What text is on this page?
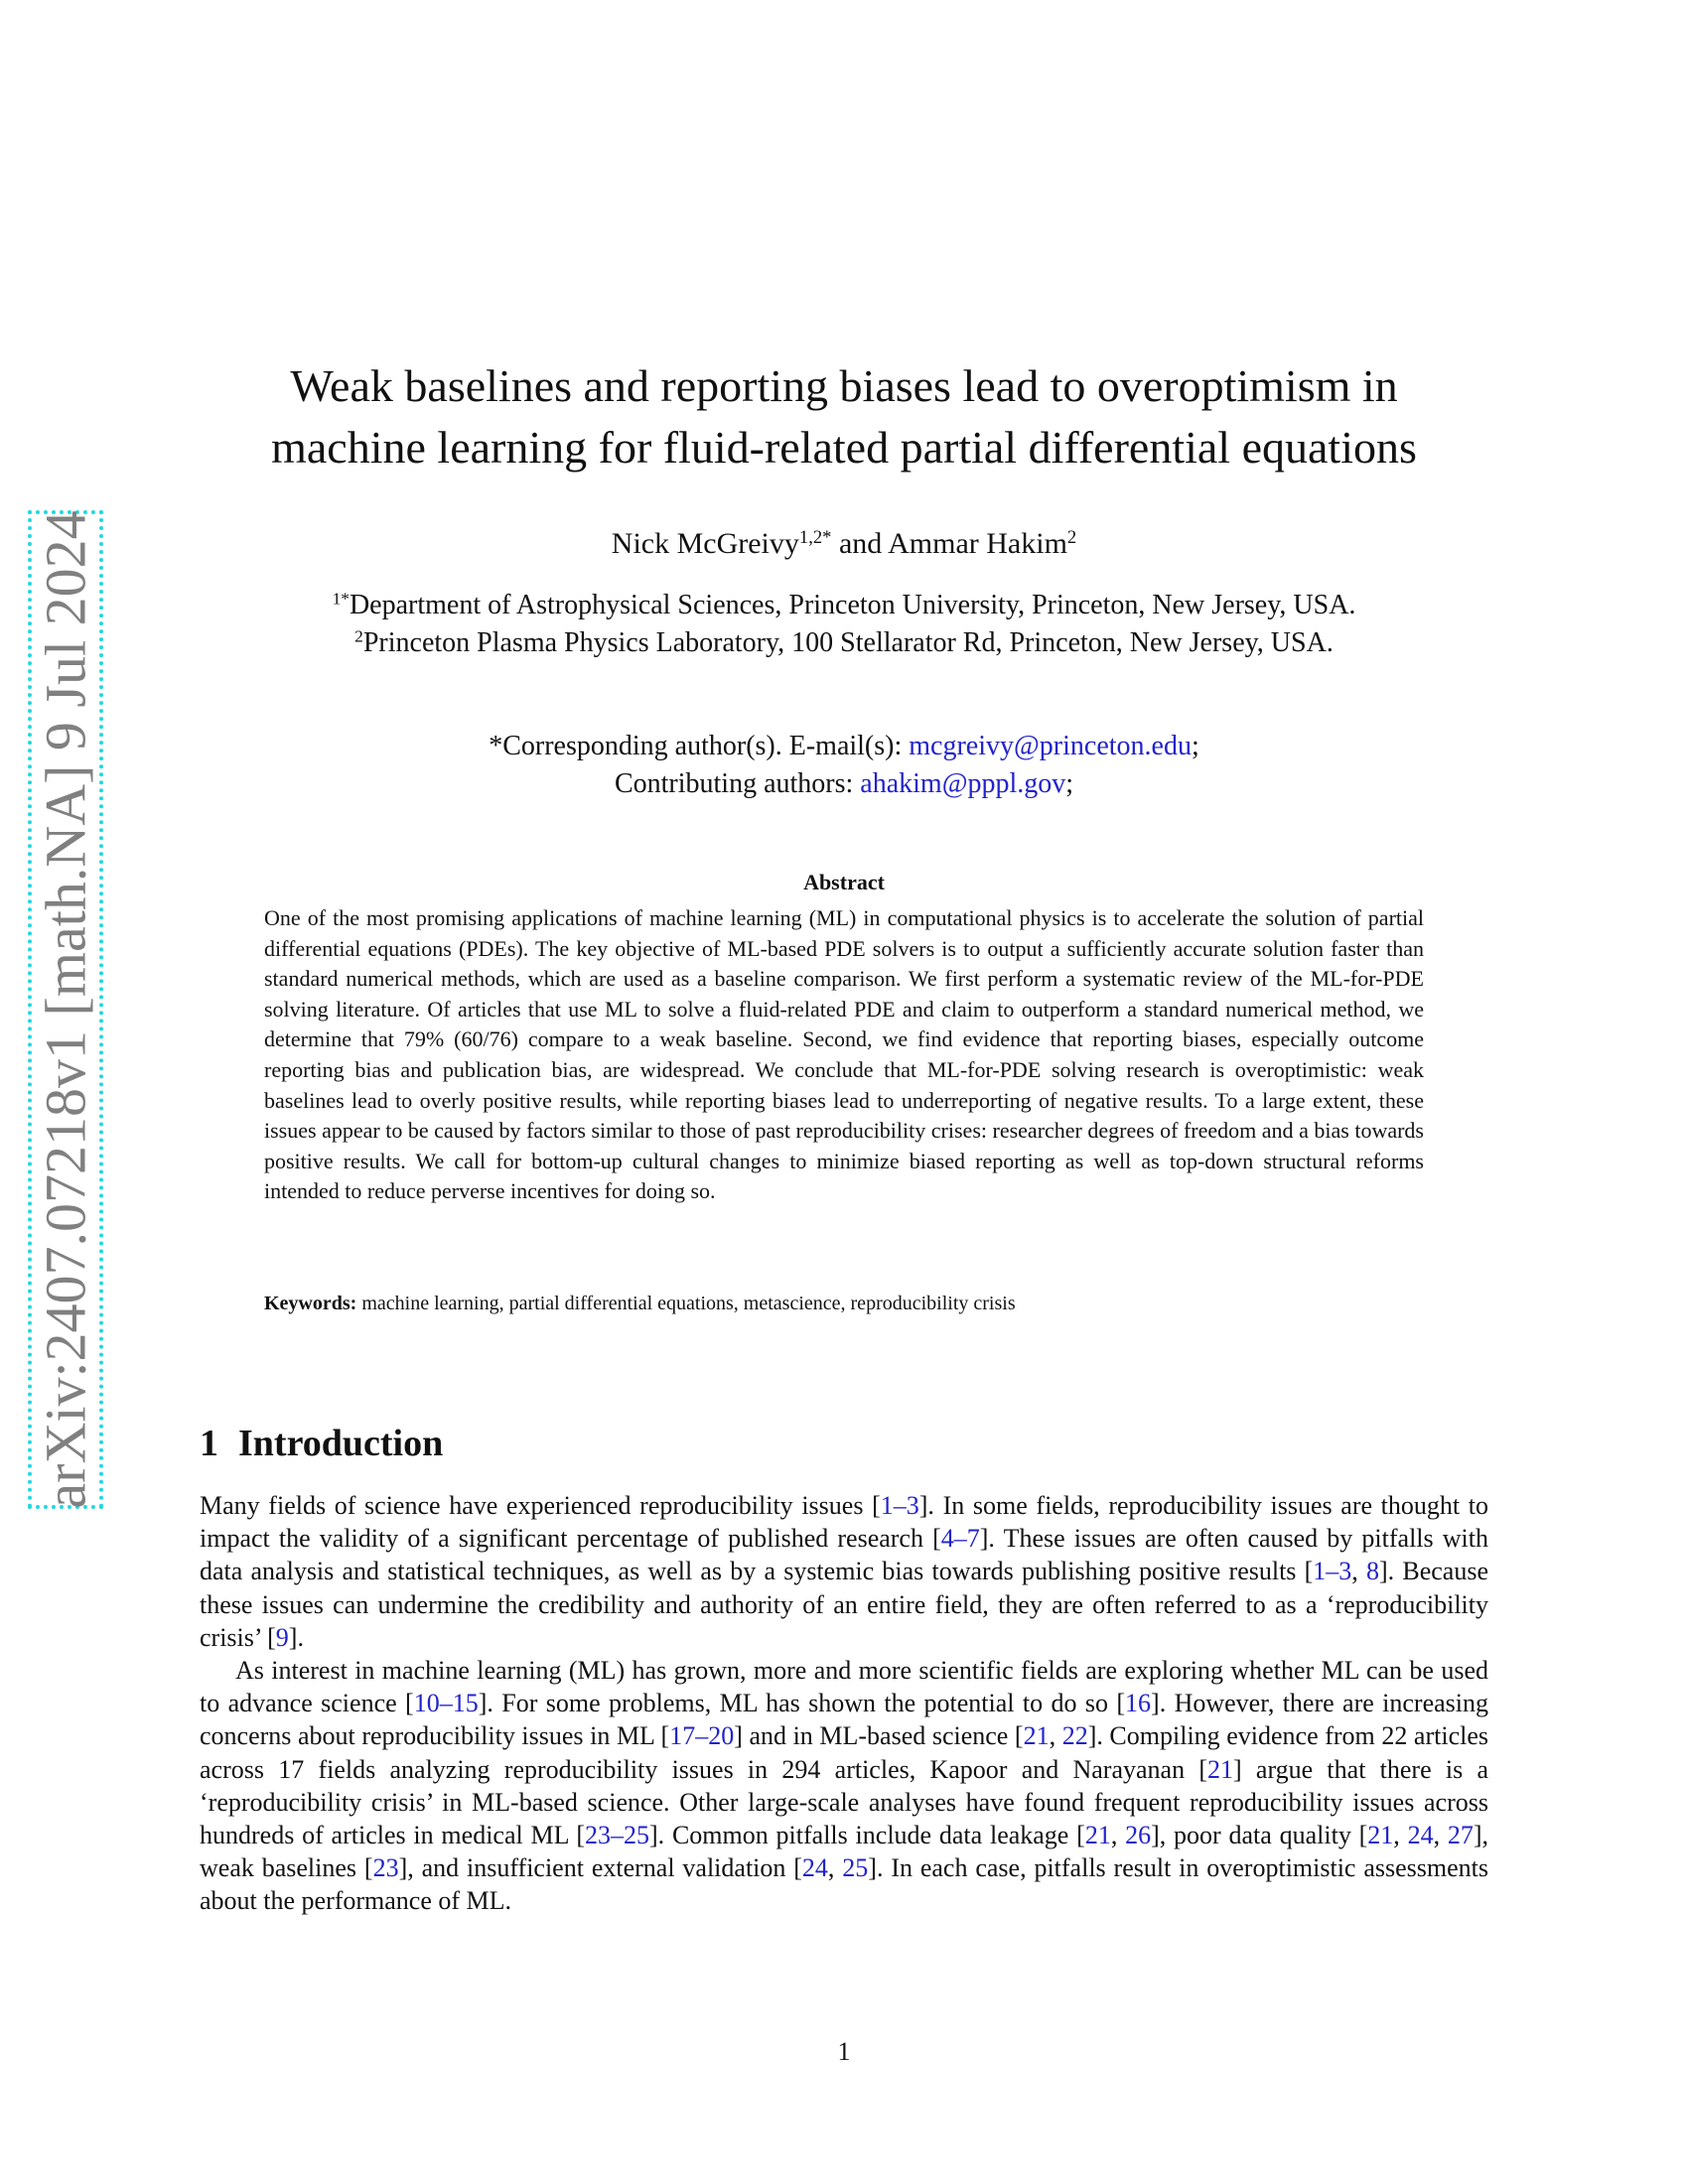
arXiv:2407.07218v1 [math.NA] 9 Jul 2024
Weak baselines and reporting biases lead to overoptimism in
machine learning for fluid-related partial differential equations
Nick McGreivy$^{1,2*}$ and Ammar Hakim$^2$
$^{1*}$Department of Astrophysical Sciences, Princeton University, Princeton, New Jersey, USA.
$^2$Princeton Plasma Physics Laboratory, 100 Stellarator Rd, Princeton, New Jersey, USA.
*Corresponding author(s). E-mail(s): mcgreivy@princeton.edu;
Contributing authors: ahakim@pppl.gov;
Abstract
One of the most promising applications of machine learning (ML) in computational physics is to accelerate the solution of partial differential equations (PDEs). The key objective of ML-based PDE solvers is to output a sufficiently accurate solution faster than standard numerical methods, which are used as a baseline comparison. We first perform a systematic review of the ML-for-PDE solving literature. Of articles that use ML to solve a fluid-related PDE and claim to outperform a standard numerical method, we determine that 79% (60/76) compare to a weak baseline. Second, we find evidence that reporting biases, especially outcome reporting bias and publication bias, are widespread. We conclude that ML-for-PDE solving research is overoptimistic: weak baselines lead to overly positive results, while reporting biases lead to underreporting of negative results. To a large extent, these issues appear to be caused by factors similar to those of past reproducibility crises: researcher degrees of freedom and a bias towards positive results. We call for bottom-up cultural changes to minimize biased reporting as well as top-down structural reforms intended to reduce perverse incentives for doing so.
Keywords: machine learning, partial differential equations, metascience, reproducibility crisis
1 Introduction

Many fields of science have experienced reproducibility issues [1–3]. In some fields, reproducibility issues are thought to impact the validity of a significant percentage of published research [4–7]. These issues are often caused by pitfalls with data analysis and statistical techniques, as well as by a systemic bias towards publishing positive results [1–3, 8]. Because these issues can undermine the credibility and authority of an entire field, they are often referred to as a ‘reproducibility crisis’ [9].

As interest in machine learning (ML) has grown, more and more scientific fields are exploring whether ML can be used to advance science [10–15]. For some problems, ML has shown the potential to do so [16]. However, there are increasing concerns about reproducibility issues in ML [17–20] and in ML-based science [21, 22]. Compiling evidence from 22 articles across 17 fields analyzing reproducibility issues in 294 articles, Kapoor and Narayanan [21] argue that there is a ‘reproducibility crisis’ in ML-based science. Other large-scale analyses have found frequent reproducibility issues across hundreds of articles in medical ML [23–25]. Common pitfalls include data leakage [21, 26], poor data quality [21, 24, 27], weak baselines [23], and insufficient external validation [24, 25]. In each case, pitfalls result in overoptimistic assessments about the performance of ML.

1
